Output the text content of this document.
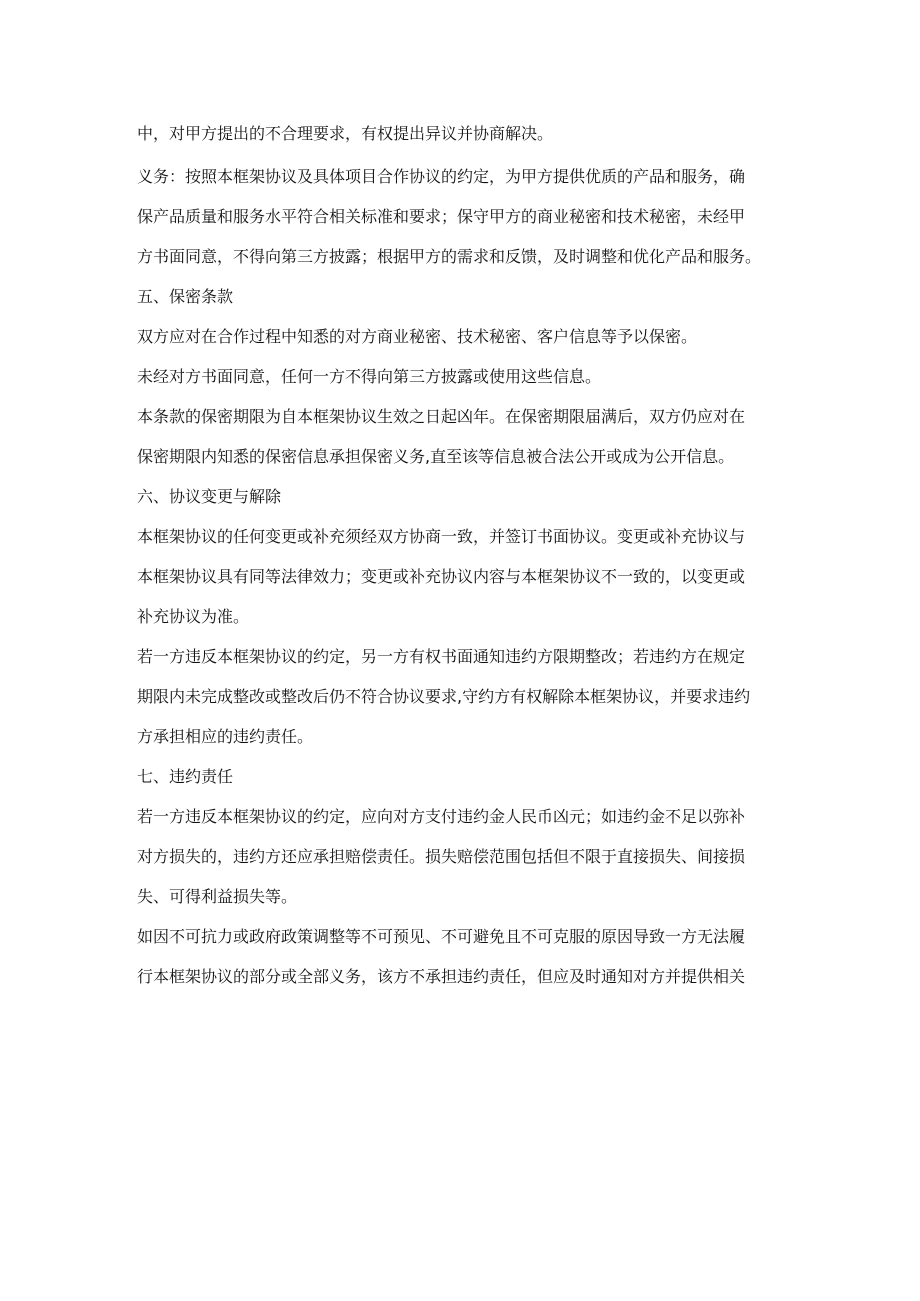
中，对甲方提出的不合理要求，有权提出异议并协商解决。

义务：按照本框架协议及具体项目合作协议的约定，为甲方提供优质的产品和服务，确

保产品质量和服务水平符合相关标准和要求；保守甲方的商业秘密和技术秘密，未经甲

方书面同意，不得向第三方披露；根据甲方的需求和反馈，及时调整和优化产品和服务。

五、保密条款

双方应对在合作过程中知悉的对方商业秘密、技术秘密、客户信息等予以保密。

未经对方书面同意，任何一方不得向第三方披露或使用这些信息。

本条款的保密期限为自本框架协议生效之日起凶年。在保密期限届满后，双方仍应对在

保密期限内知悉的保密信息承担保密义务,直至该等信息被合法公开或成为公开信息。

六、协议变更与解除

本框架协议的任何变更或补充须经双方协商一致，并签订书面协议。变更或补充协议与

本框架协议具有同等法律效力；变更或补充协议内容与本框架协议不一致的，以变更或

补充协议为准。

若一方违反本框架协议的约定，另一方有权书面通知违约方限期整改；若违约方在规定

期限内未完成整改或整改后仍不符合协议要求,守约方有权解除本框架协议，并要求违约

方承担相应的违约责任。

七、违约责任

若一方违反本框架协议的约定，应向对方支付违约金人民币凶元；如违约金不足以弥补

对方损失的，违约方还应承担赔偿责任。损失赔偿范围包括但不限于直接损失、间接损

失、可得利益损失等。

如因不可抗力或政府政策调整等不可预见、不可避免且不可克服的原因导致一方无法履

行本框架协议的部分或全部义务，该方不承担违约责任，但应及时通知对方并提供相关
